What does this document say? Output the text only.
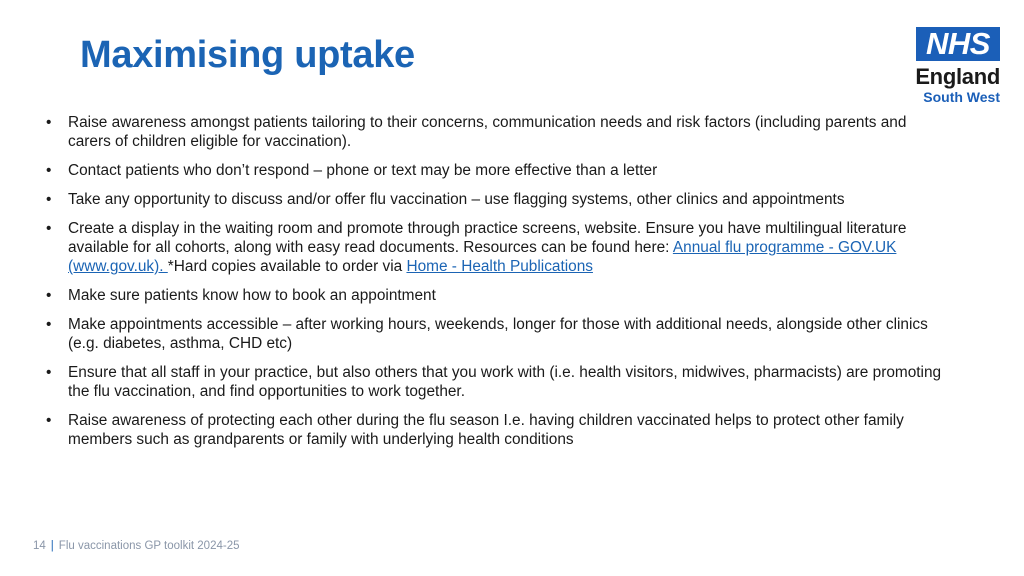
Maximising uptake	NHS
England
South West
• Raise awareness amongst patients tailoring to their concerns, communication needs and risk factors (including parents and carers of children eligible for vaccination).
• Contact patients who don’t respond – phone or text may be more effective than a letter
• Take any opportunity to discuss and/or offer flu vaccination – use flagging systems, other clinics and appointments
• Create a display in the waiting room and promote through practice screens, website. Ensure you have multilingual literature available for all cohorts, along with easy read documents. Resources can be found here: Annual flu programme - GOV.UK (www.gov.uk). *Hard copies available to order via Home - Health Publications
• Make sure patients know how to book an appointment
• Make appointments accessible – after working hours, weekends, longer for those with additional needs, alongside other clinics (e.g. diabetes, asthma, CHD etc)
• Ensure that all staff in your practice, but also others that you work with (i.e. health visitors, midwives, pharmacists) are promoting the flu vaccination, and find opportunities to work together.
• Raise awareness of protecting each other during the flu season I.e. having children vaccinated helps to protect other family members such as grandparents or family with underlying health conditions
14 | Flu vaccinations GP toolkit 2024-25
